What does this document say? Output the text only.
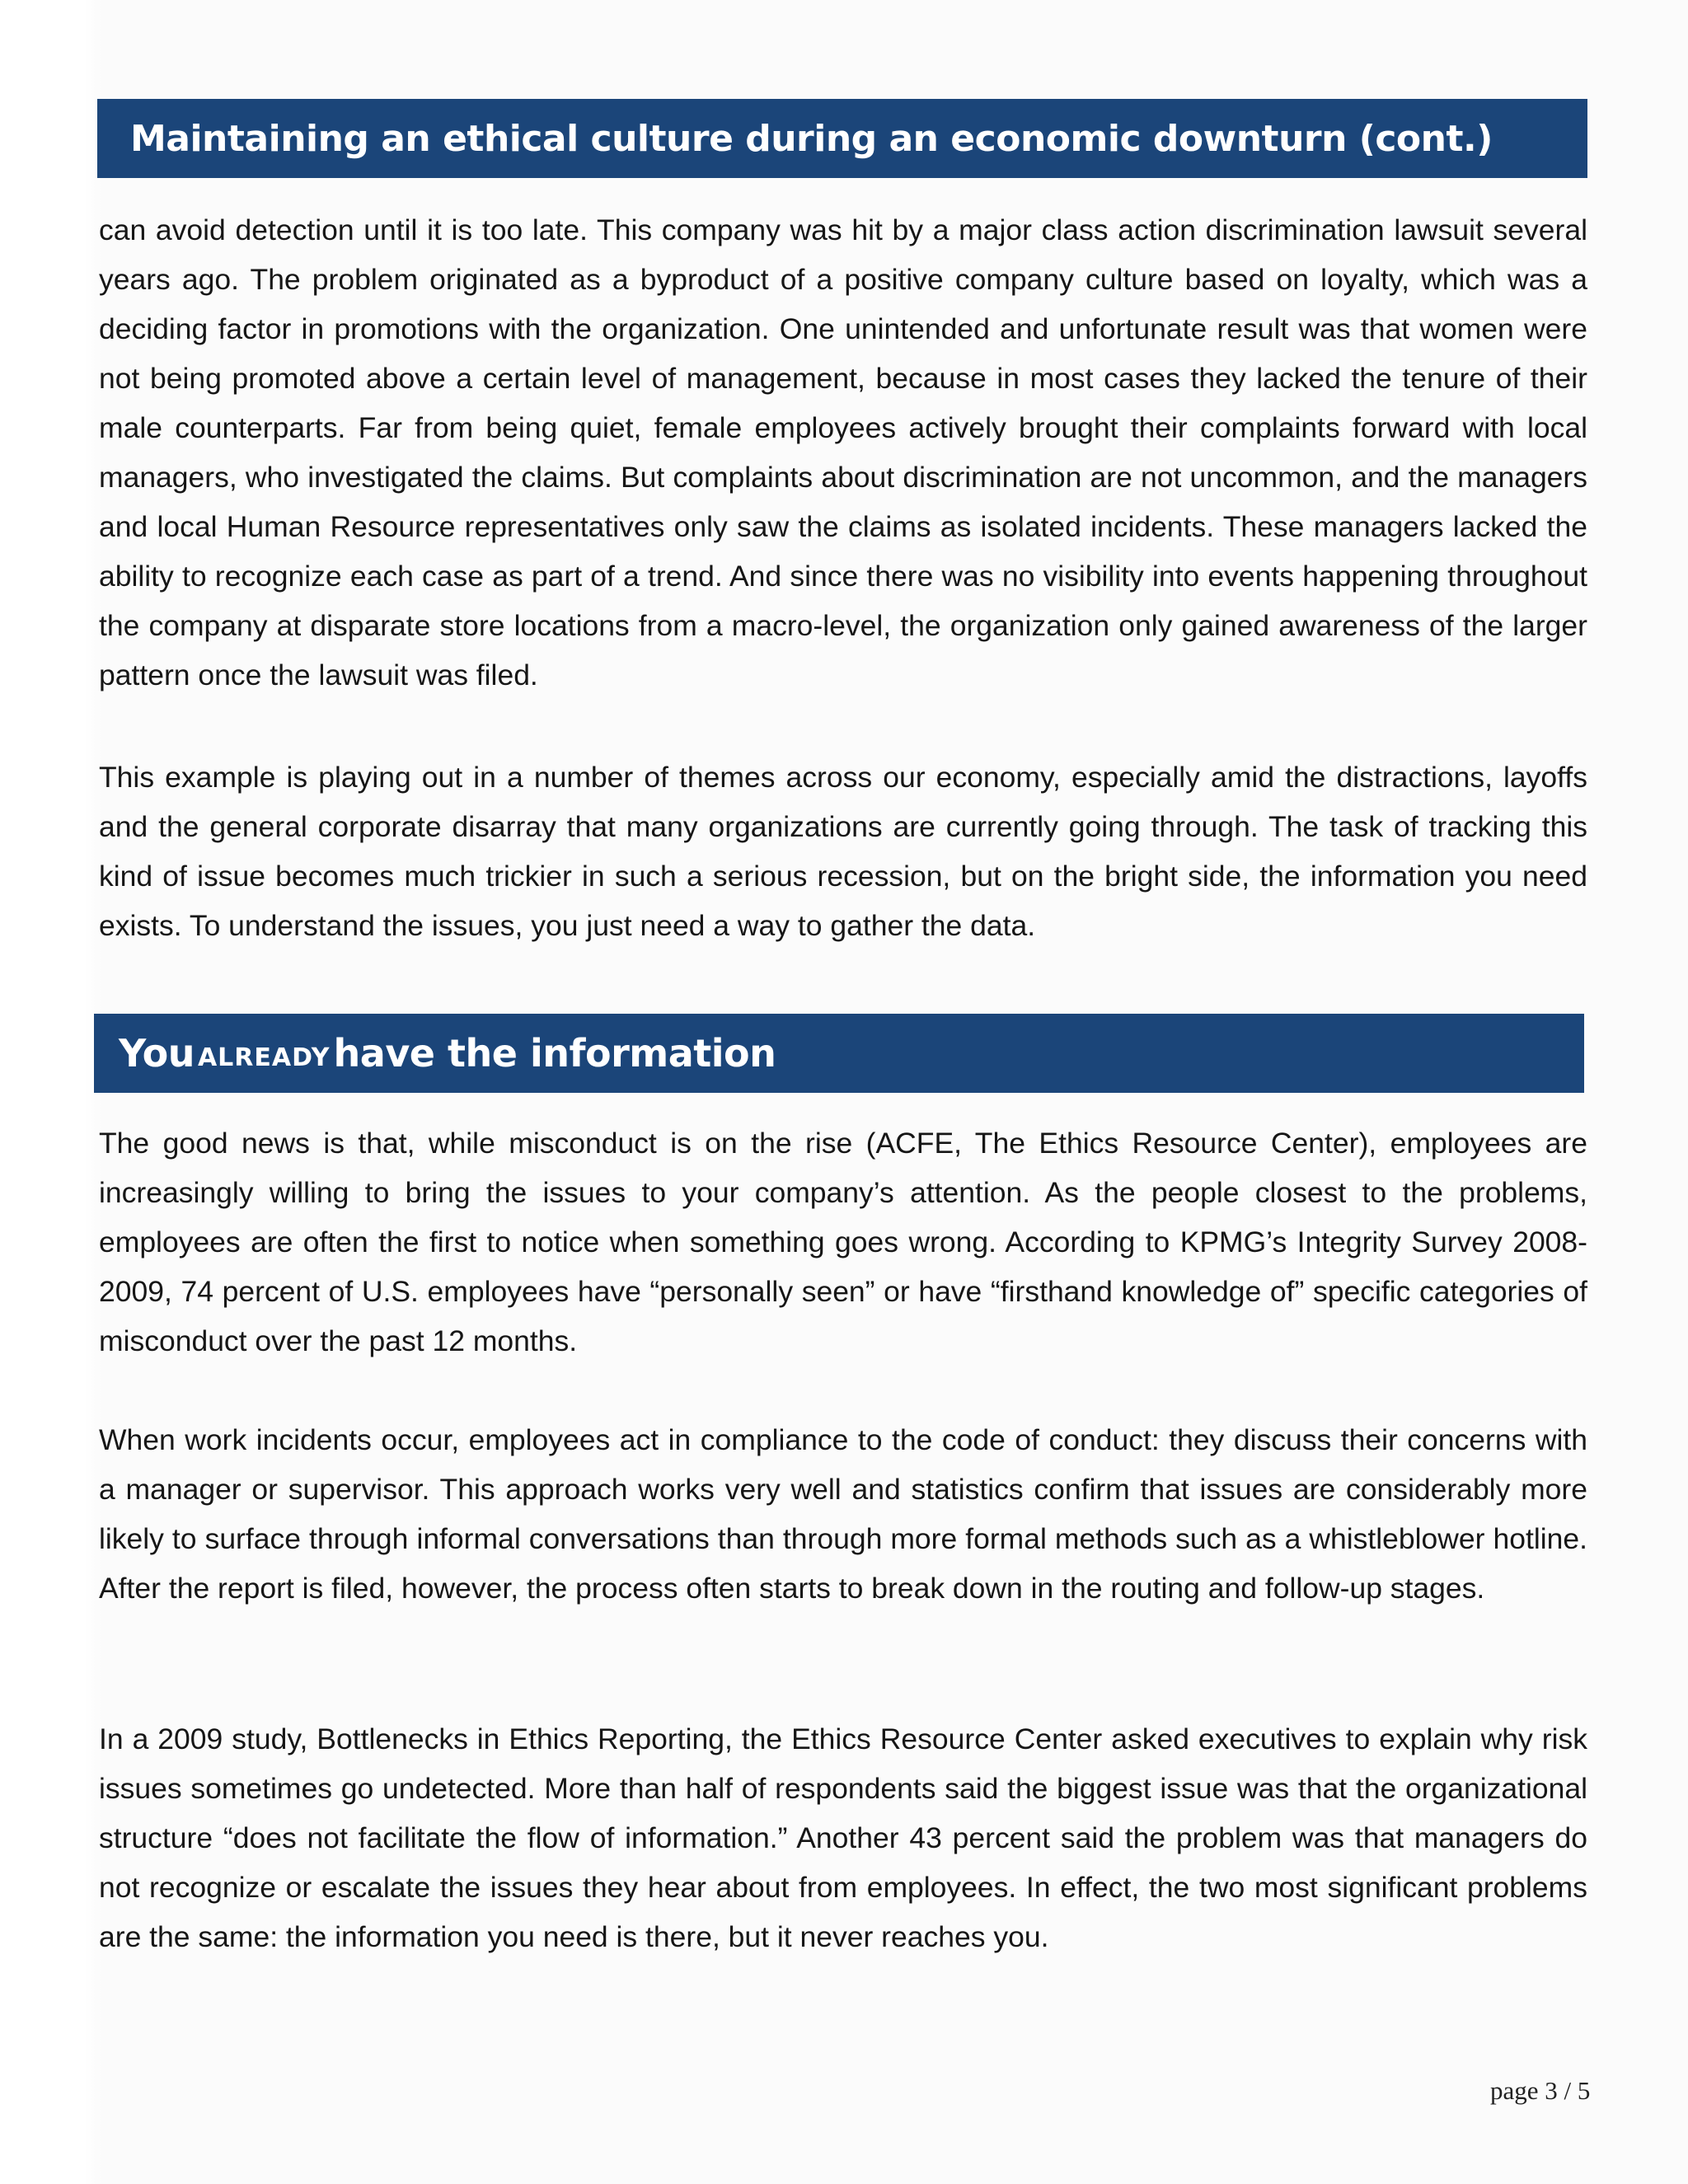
Maintaining an ethical culture during an economic downturn (cont.)

can avoid detection until it is too late. This company was hit by a major class action discrimination lawsuit several years ago. The problem originated as a byproduct of a positive company culture based on loyalty, which was a deciding factor in promotions with the organization. One unintended and unfortunate result was that women were not being promoted above a certain level of management, because in most cases they lacked the tenure of their male counterparts. Far from being quiet, female employees actively brought their complaints forward with local managers, who investigated the claims. But complaints about discrimination are not uncommon, and the managers and local Human Resource representatives only saw the claims as isolated incidents. These managers lacked the ability to recognize each case as part of a trend. And since there was no visibility into events happening throughout the company at disparate store locations from a macro-level, the organization only gained awareness of the larger pattern once the lawsuit was filed.

This example is playing out in a number of themes across our economy, especially amid the distractions, layoffs and the general corporate disarray that many organizations are currently going through. The task of tracking this kind of issue becomes much trickier in such a serious recession, but on the bright side, the information you need exists. To understand the issues, you just need a way to gather the data.

You already have the information

The good news is that, while misconduct is on the rise (ACFE, The Ethics Resource Center), employees are increasingly willing to bring the issues to your company’s attention. As the people closest to the problems, employees are often the first to notice when something goes wrong. According to KPMG’s Integrity Survey 2008-2009, 74 percent of U.S. employees have “personally seen” or have “firsthand knowledge of” specific categories of misconduct over the past 12 months.

When work incidents occur, employees act in compliance to the code of conduct: they discuss their concerns with a manager or supervisor. This approach works very well and statistics confirm that issues are considerably more likely to surface through informal conversations than through more formal methods such as a whistleblower hotline. After the report is filed, however, the process often starts to break down in the routing and follow-up stages.

In a 2009 study, Bottlenecks in Ethics Reporting, the Ethics Resource Center asked executives to explain why risk issues sometimes go undetected. More than half of respondents said the biggest issue was that the organizational structure “does not facilitate the flow of information.” Another 43 percent said the problem was that managers do not recognize or escalate the issues they hear about from employees. In effect, the two most significant problems are the same: the information you need is there, but it never reaches you.

page 3 / 5
